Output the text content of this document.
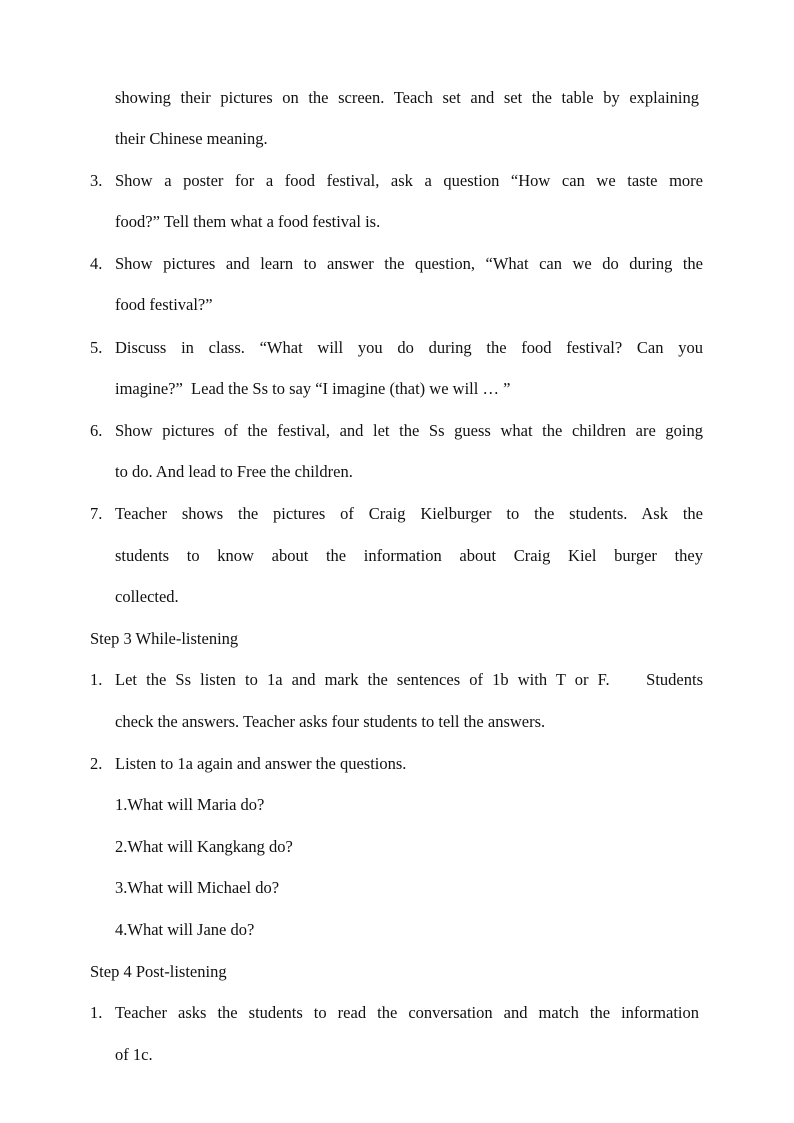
showing their pictures on the screen. Teach set and set the table by explaining
their Chinese meaning.
3. Show a poster for a food festival, ask a question “How can we taste more
food?” Tell them what a food festival is.
4. Show pictures and learn to answer the question, “What can we do during the
food festival?”
5. Discuss in class. “What will you do during the food festival? Can you
imagine?”  Lead the Ss to say “I imagine (that) we will … ”
6. Show pictures of the festival, and let the Ss guess what the children are going
to do. And lead to Free the children.
7. Teacher shows the pictures of Craig Kielburger to the students. Ask the
students to know about the information about Craig Kiel burger they
collected.
Step 3 While-listening
1. Let the Ss listen to 1a and mark the sentences of 1b with T or F.    Students
check the answers. Teacher asks four students to tell the answers.
2. Listen to 1a again and answer the questions.
1.What will Maria do?
2.What will Kangkang do?
3.What will Michael do?
4.What will Jane do?
Step 4 Post-listening
1. Teacher asks the students to read the conversation and match the information
of 1c.
